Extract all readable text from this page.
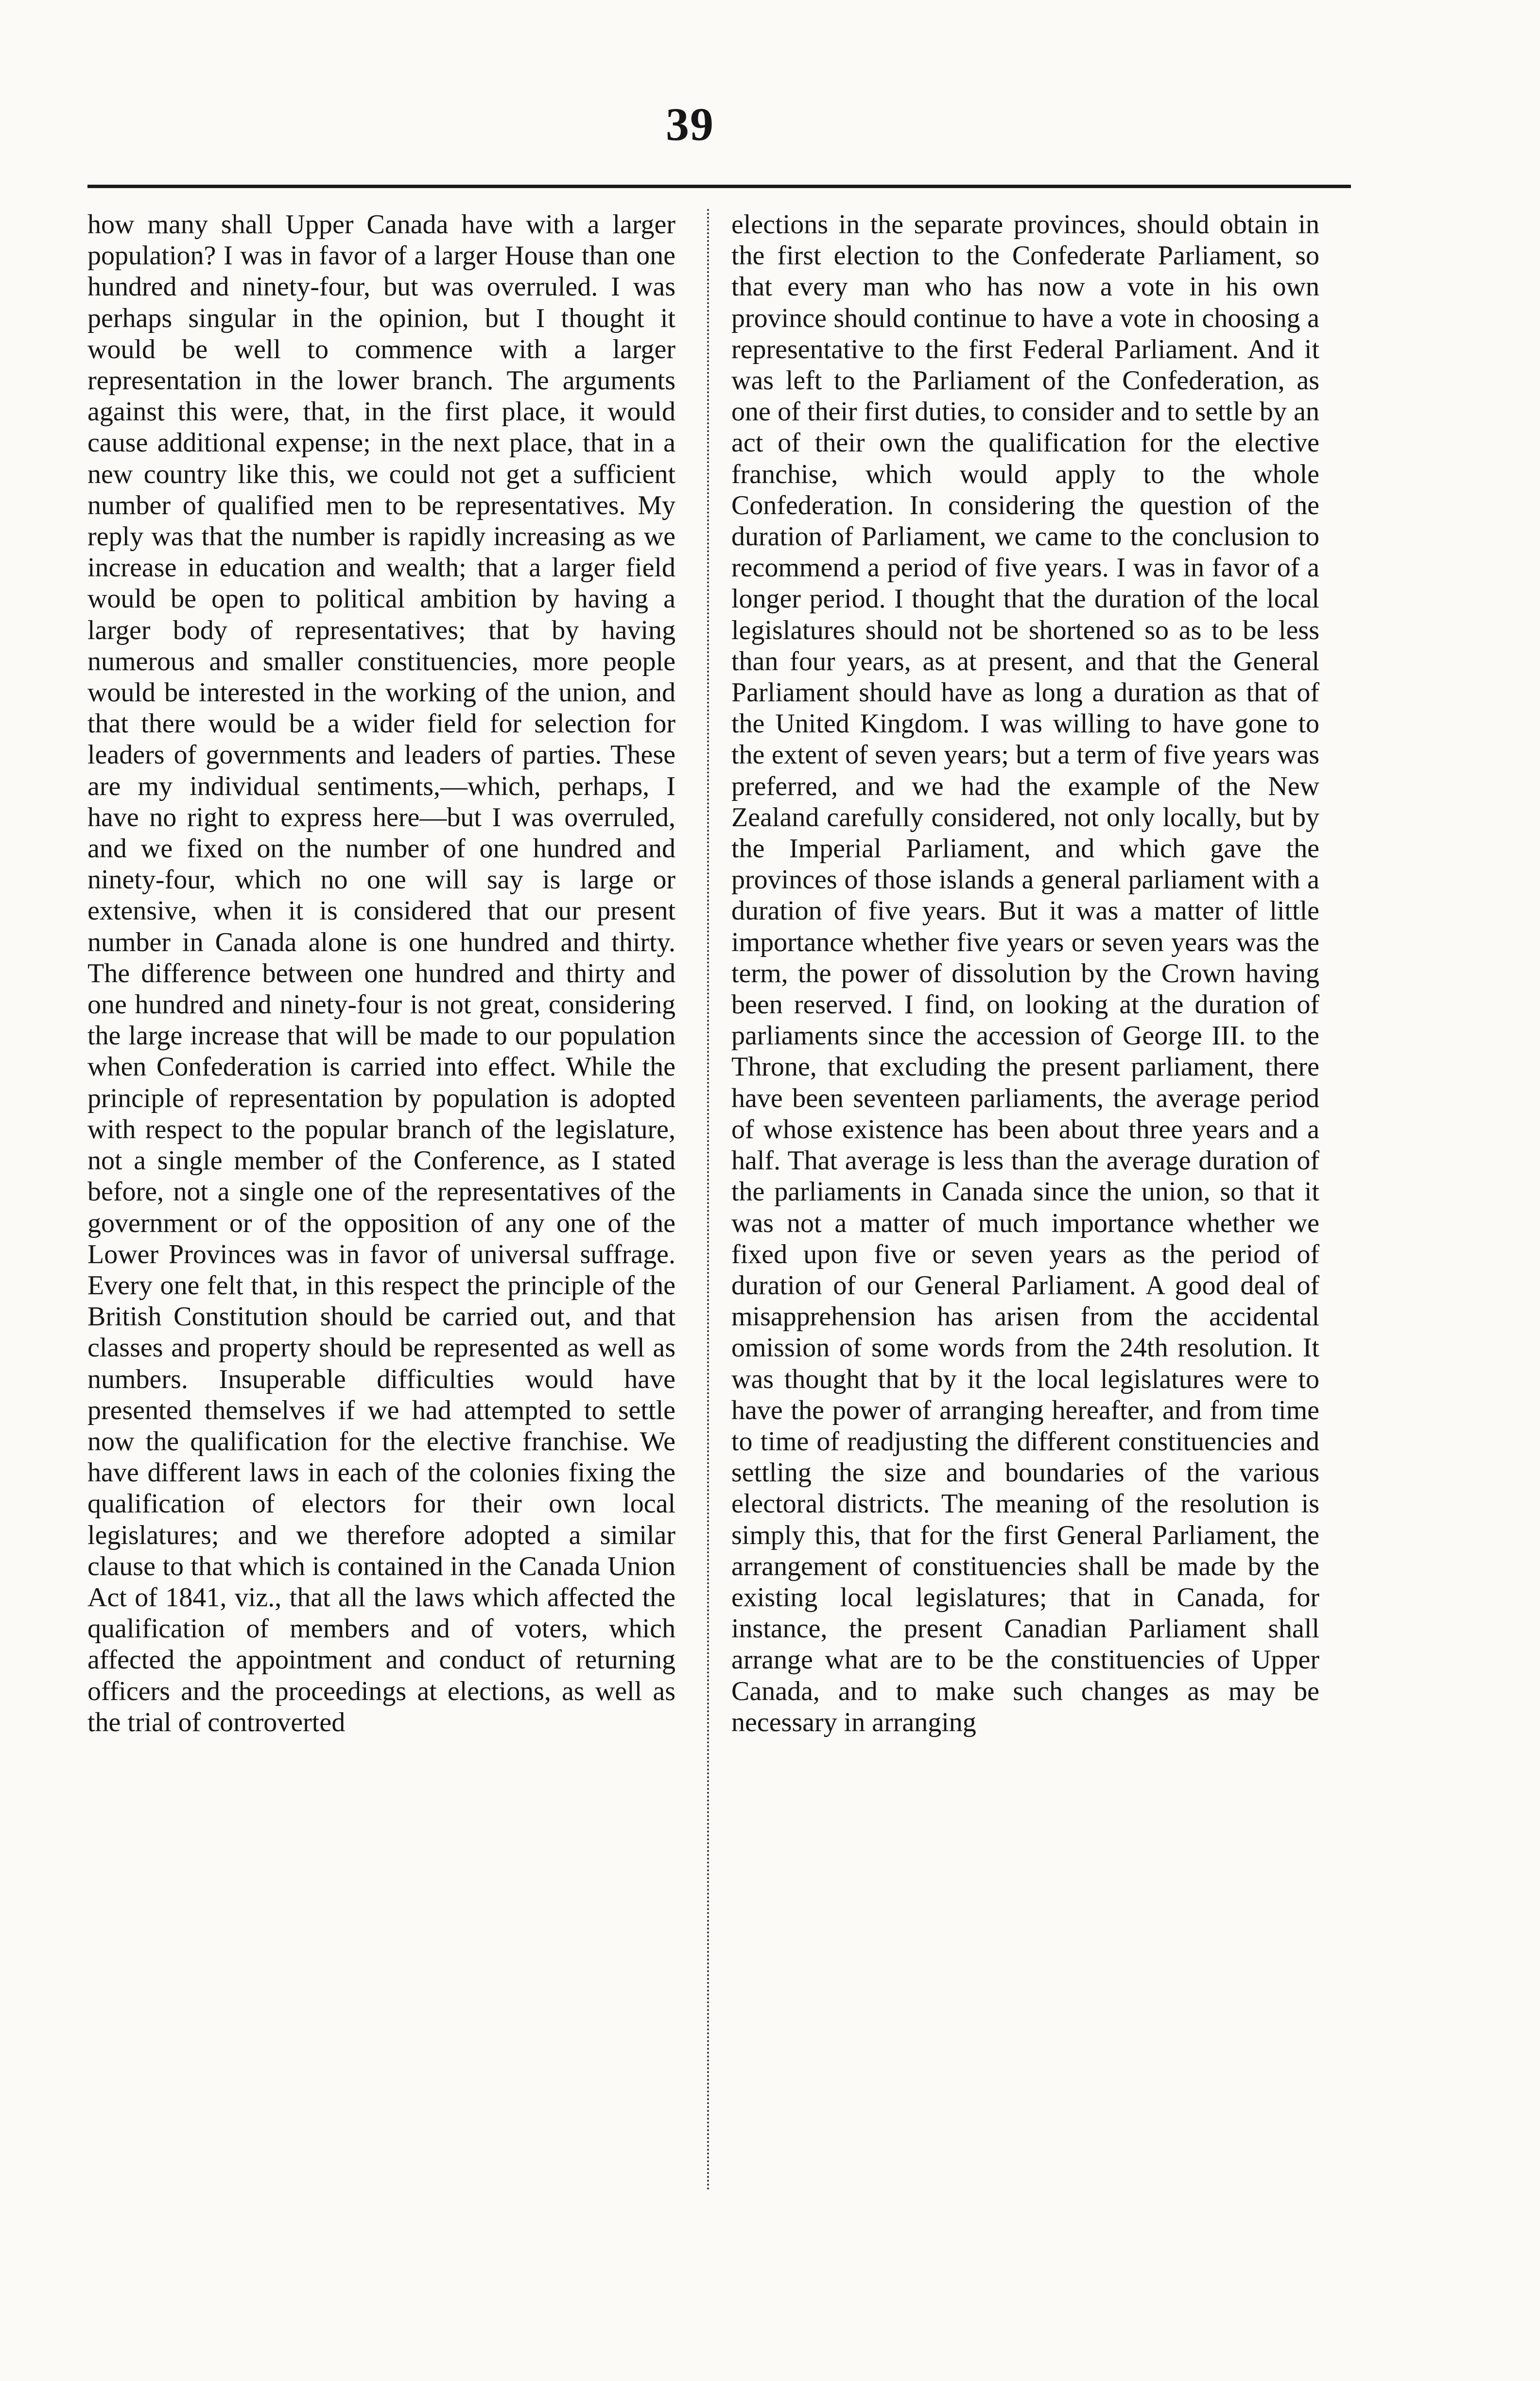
39

how many shall Upper Canada have with a larger population? I was in favor of a larger House than one hundred and ninety-four, but was overruled. I was perhaps singular in the opinion, but I thought it would be well to commence with a larger representation in the lower branch. The arguments against this were, that, in the first place, it would cause additional expense; in the next place, that in a new country like this, we could not get a sufficient number of qualified men to be representatives. My reply was that the number is rapidly increasing as we increase in education and wealth; that a larger field would be open to political ambition by having a larger body of representatives; that by having numerous and smaller constituencies, more people would be interested in the working of the union, and that there would be a wider field for selection for leaders of governments and leaders of parties. These are my individual sentiments,—which, perhaps, I have no right to express here—but I was overruled, and we fixed on the number of one hundred and ninety-four, which no one will say is large or extensive, when it is considered that our present number in Canada alone is one hundred and thirty. The difference between one hundred and thirty and one hundred and ninety-four is not great, considering the large increase that will be made to our population when Confederation is carried into effect. While the principle of representation by population is adopted with respect to the popular branch of the legislature, not a single member of the Conference, as I stated before, not a single one of the representatives of the government or of the opposition of any one of the Lower Provinces was in favor of universal suffrage. Every one felt that, in this respect the principle of the British Constitution should be carried out, and that classes and property should be represented as well as numbers. Insuperable difficulties would have presented themselves if we had attempted to settle now the qualification for the elective franchise. We have different laws in each of the colonies fixing the qualification of electors for their own local legislatures; and we therefore adopted a similar clause to that which is contained in the Canada Union Act of 1841, viz., that all the laws which affected the qualification of members and of voters, which affected the appointment and conduct of returning officers and the proceedings at elections, as well as the trial of controverted

elections in the separate provinces, should obtain in the first election to the Confederate Parliament, so that every man who has now a vote in his own province should continue to have a vote in choosing a representative to the first Federal Parliament. And it was left to the Parliament of the Confederation, as one of their first duties, to consider and to settle by an act of their own the qualification for the elective franchise, which would apply to the whole Confederation. In considering the question of the duration of Parliament, we came to the conclusion to recommend a period of five years. I was in favor of a longer period. I thought that the duration of the local legislatures should not be shortened so as to be less than four years, as at present, and that the General Parliament should have as long a duration as that of the United Kingdom. I was willing to have gone to the extent of seven years; but a term of five years was preferred, and we had the example of the New Zealand carefully considered, not only locally, but by the Imperial Parliament, and which gave the provinces of those islands a general parliament with a duration of five years. But it was a matter of little importance whether five years or seven years was the term, the power of dissolution by the Crown having been reserved. I find, on looking at the duration of parliaments since the accession of George III. to the Throne, that excluding the present parliament, there have been seventeen parliaments, the average period of whose existence has been about three years and a half. That average is less than the average duration of the parliaments in Canada since the union, so that it was not a matter of much importance whether we fixed upon five or seven years as the period of duration of our General Parliament. A good deal of misapprehension has arisen from the accidental omission of some words from the 24th resolution. It was thought that by it the local legislatures were to have the power of arranging hereafter, and from time to time of readjusting the different constituencies and settling the size and boundaries of the various electoral districts. The meaning of the resolution is simply this, that for the first General Parliament, the arrangement of constituencies shall be made by the existing local legislatures; that in Canada, for instance, the present Canadian Parliament shall arrange what are to be the constituencies of Upper Canada, and to make such changes as may be necessary in arranging
